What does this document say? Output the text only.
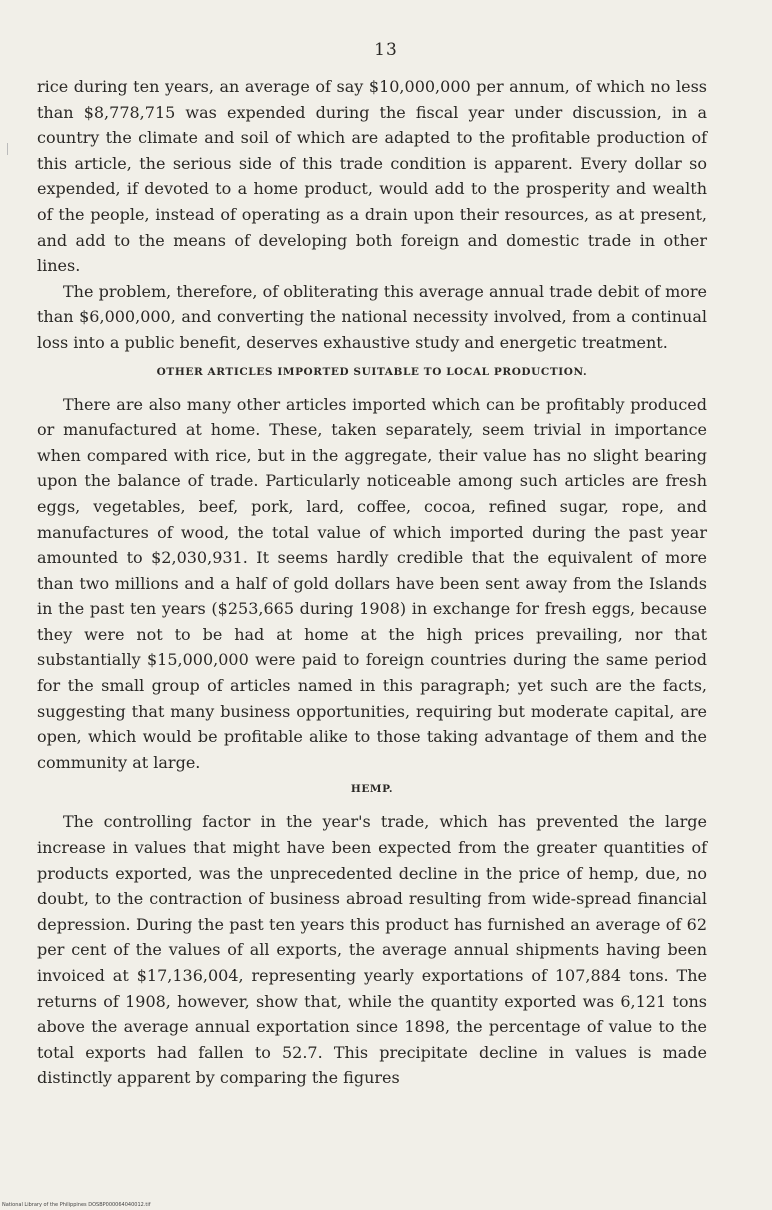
13

rice during ten years, an average of say $10,000,000 per annum, of which no less than $8,778,715 was expended during the fiscal year under discussion, in a country the climate and soil of which are adapted to the profitable production of this article, the serious side of this trade condition is apparent. Every dollar so expended, if devoted to a home product, would add to the prosperity and wealth of the people, instead of operating as a drain upon their resources, as at present, and add to the means of developing both foreign and domestic trade in other lines.

The problem, therefore, of obliterating this average annual trade debit of more than $6,000,000, and converting the national necessity involved, from a continual loss into a public benefit, deserves exhaustive study and energetic treatment.

OTHER ARTICLES IMPORTED SUITABLE TO LOCAL PRODUCTION.

There are also many other articles imported which can be profitably produced or manufactured at home. These, taken separately, seem trivial in importance when compared with rice, but in the aggregate, their value has no slight bearing upon the balance of trade. Particularly noticeable among such articles are fresh eggs, vegetables, beef, pork, lard, coffee, cocoa, refined sugar, rope, and manufactures of wood, the total value of which imported during the past year amounted to $2,030,931. It seems hardly credible that the equivalent of more than two millions and a half of gold dollars have been sent away from the Islands in the past ten years ($253,665 during 1908) in exchange for fresh eggs, because they were not to be had at home at the high prices prevailing, nor that substantially $15,000,000 were paid to foreign countries during the same period for the small group of articles named in this paragraph; yet such are the facts, suggesting that many business opportunities, requiring but moderate capital, are open, which would be profitable alike to those taking advantage of them and the community at large.

HEMP.

The controlling factor in the year's trade, which has prevented the large increase in values that might have been expected from the greater quantities of products exported, was the unprecedented decline in the price of hemp, due, no doubt, to the contraction of business abroad resulting from wide-spread financial depression. During the past ten years this product has furnished an average of 62 per cent of the values of all exports, the average annual shipments having been invoiced at $17,136,004, representing yearly exportations of 107,884 tons. The returns of 1908, however, show that, while the quantity exported was 6,121 tons above the average annual exportation since 1898, the percentage of value to the total exports had fallen to 52.7. This precipitate decline in values is made distinctly apparent by comparing the figures

National Library of the Philippines DOSBP000064040012.tif
